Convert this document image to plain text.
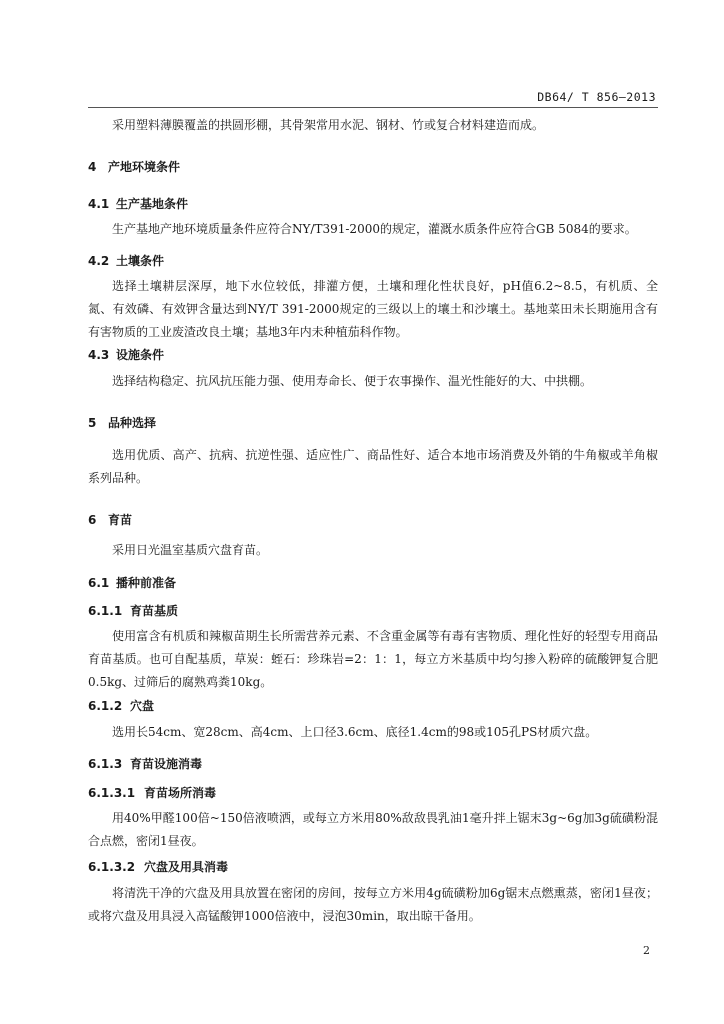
DB64/ T 856—2013

采用塑料薄膜覆盖的拱圆形棚，其骨架常用水泥、钢材、竹或复合材料建造而成。

4 产地环境条件
4.1 生产基地条件

生产基地产地环境质量条件应符合NY/T391-2000的规定，灌溉水质条件应符合GB 5084的要求。

4.2 土壤条件

选择土壤耕层深厚，地下水位较低，排灌方便，土壤和理化性状良好，pH值6.2~8.5，有机质、全氮、有效磷、有效钾含量达到NY/T 391-2000规定的三级以上的壤土和沙壤土。基地菜田未长期施用含有有害物质的工业废渣改良土壤；基地3年内未种植茄科作物。

4.3 设施条件

选择结构稳定、抗风抗压能力强、使用寿命长、便于农事操作、温光性能好的大、中拱棚。

5 品种选择

选用优质、高产、抗病、抗逆性强、适应性广、商品性好、适合本地市场消费及外销的牛角椒或羊角椒系列品种。

6 育苗

采用日光温室基质穴盘育苗。

6.1 播种前准备
6.1.1 育苗基质

使用富含有机质和辣椒苗期生长所需营养元素、不含重金属等有毒有害物质、理化性好的轻型专用商品育苗基质。也可自配基质，草炭：蛭石：珍珠岩=2：1：1，每立方米基质中均匀掺入粉碎的硫酸钾复合肥0.5kg、过筛后的腐熟鸡粪10kg。

6.1.2 穴盘

选用长54cm、宽28cm、高4cm、上口径3.6cm、底径1.4cm的98或105孔PS材质穴盘。

6.1.3 育苗设施消毒
6.1.3.1 育苗场所消毒

用40%甲醛100倍~150倍液喷洒，或每立方米用80%敌敌畏乳油1毫升拌上锯末3g~6g加3g硫磺粉混合点燃，密闭1昼夜。

6.1.3.2 穴盘及用具消毒

将清洗干净的穴盘及用具放置在密闭的房间，按每立方米用4g硫磺粉加6g锯末点燃熏蒸，密闭1昼夜；或将穴盘及用具浸入高锰酸钾1000倍液中，浸泡30min，取出晾干备用。

2
